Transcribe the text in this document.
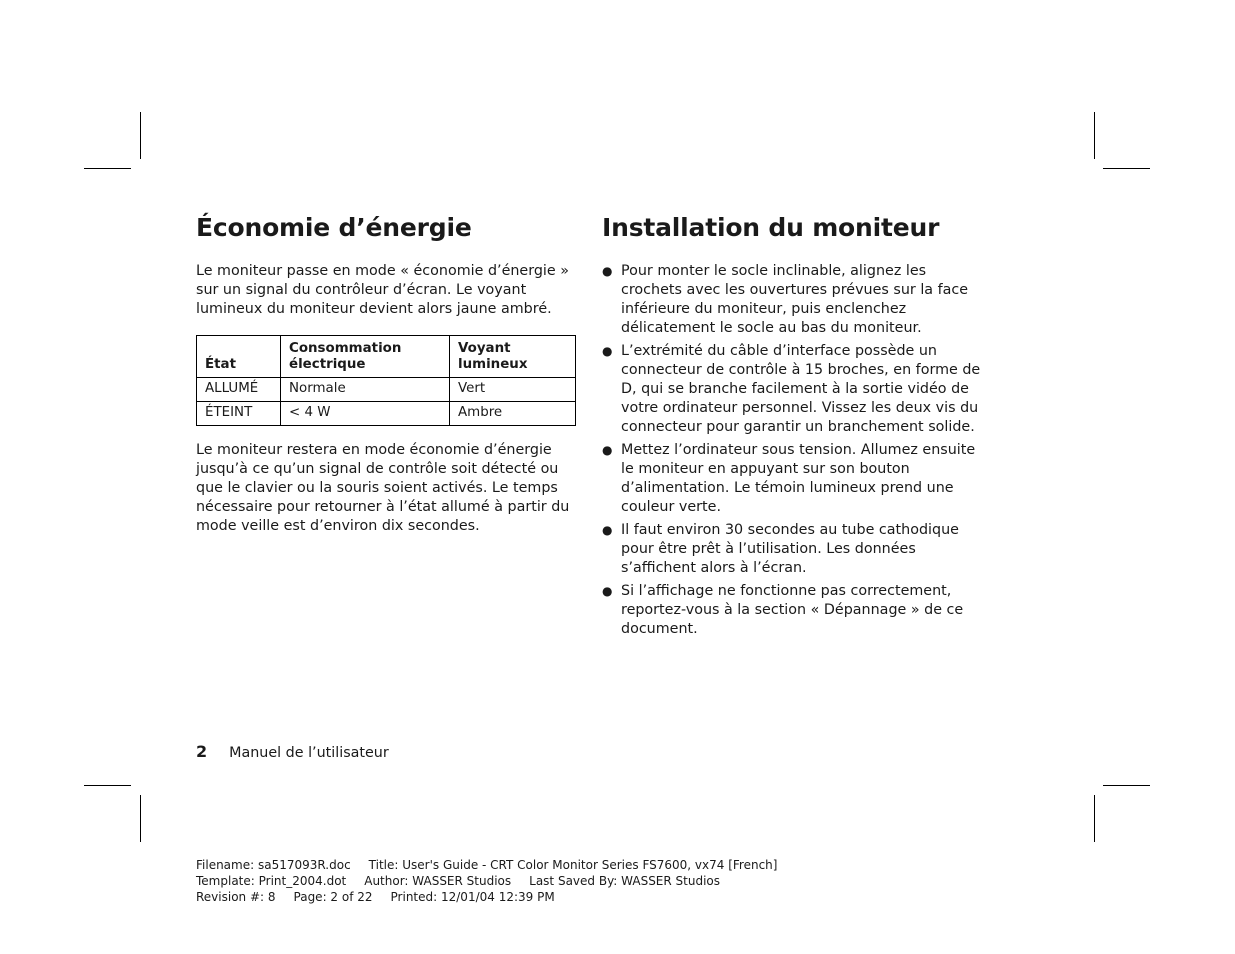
Économie d’énergie

Le moniteur passe en mode « économie d’énergie » sur un signal du contrôleur d’écran. Le voyant lumineux du moniteur devient alors jaune ambré.

État	Consommation électrique	Voyant lumineux
ALLUMÉ	Normale	Vert
ÉTEINT	< 4 W	Ambre

Le moniteur restera en mode économie d’énergie jusqu’à ce qu’un signal de contrôle soit détecté ou que le clavier ou la souris soient activés. Le temps nécessaire pour retourner à l’état allumé à partir du mode veille est d’environ dix secondes.

Installation du moniteur
● Pour monter le socle inclinable, alignez les crochets avec les ouvertures prévues sur la face inférieure du moniteur, puis enclenchez délicatement le socle au bas du moniteur.
● L’extrémité du câble d’interface possède un connecteur de contrôle à 15 broches, en forme de D, qui se branche facilement à la sortie vidéo de votre ordinateur personnel. Vissez les deux vis du connecteur pour garantir un branchement solide.
● Mettez l’ordinateur sous tension. Allumez ensuite le moniteur en appuyant sur son bouton d’alimentation. Le témoin lumineux prend une couleur verte.
● Il faut environ 30 secondes au tube cathodique pour être prêt à l’utilisation. Les données s’affichent alors à l’écran.
● Si l’affichage ne fonctionne pas correctement, reportez-vous à la section « Dépannage » de ce document.
2 Manuel de l’utilisateur
Filename: sa517093R.doc Title: User's Guide - CRT Color Monitor Series FS7600, vx74 [French]
Template: Print_2004.dot Author: WASSER Studios Last Saved By: WASSER Studios
Revision #: 8 Page: 2 of 22 Printed: 12/01/04 12:39 PM
